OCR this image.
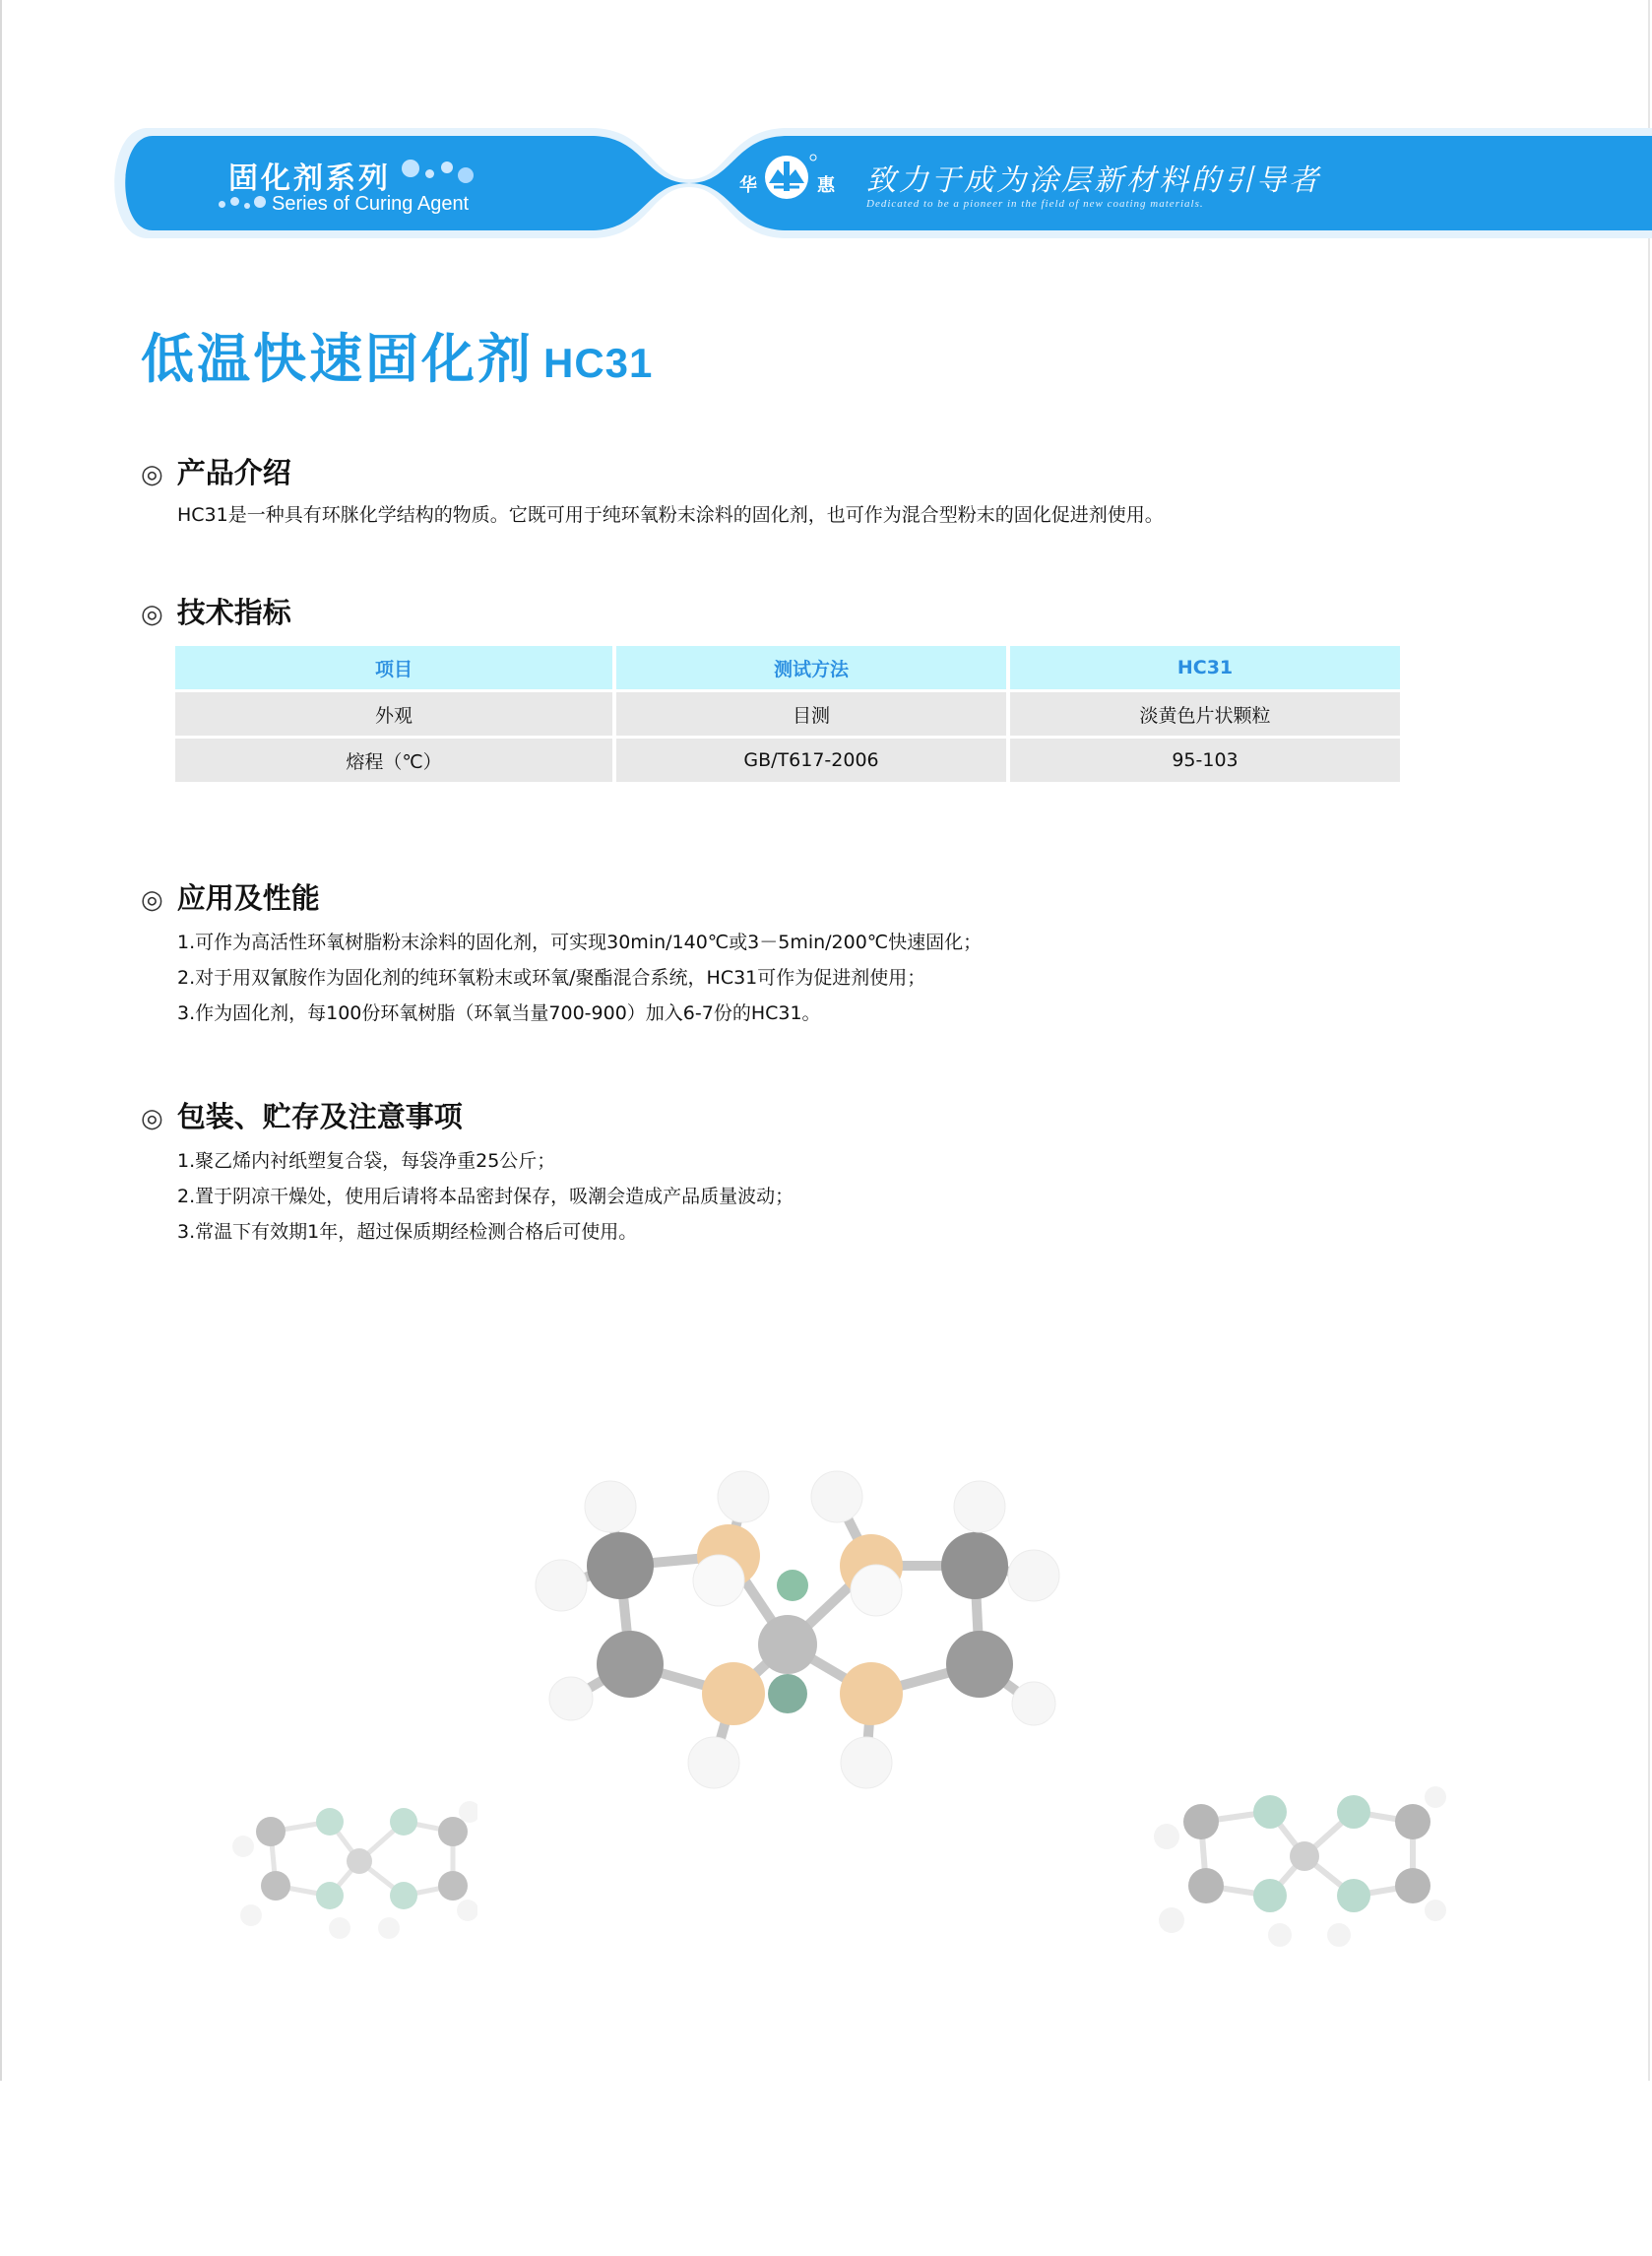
固化剂系列
Series of Curing Agent
华	惠 致力于成为涂层新材料的引导者
Dedicated to be a pioneer in the field of new coating materials.
低温快速固化剂 HC31
◎ 产品介绍
HC31是一种具有环脒化学结构的物质。它既可用于纯环氧粉末涂料的固化剂，也可作为混合型粉末的固化促进剂使用。
◎ 技术指标
项目	测试方法	HC31
外观	目测	淡黄色片状颗粒
熔程（℃）	GB/T617-2006	95-103
◎ 应用及性能
1.可作为高活性环氧树脂粉末涂料的固化剂，可实现30min/140℃或3－5min/200℃快速固化；
2.对于用双氰胺作为固化剂的纯环氧粉末或环氧/聚酯混合系统，HC31可作为促进剂使用；
3.作为固化剂，每100份环氧树脂（环氧当量700-900）加入6-7份的HC31。
◎ 包装、贮存及注意事项
1.聚乙烯内衬纸塑复合袋，每袋净重25公斤；
2.置于阴凉干燥处，使用后请将本品密封保存，吸潮会造成产品质量波动；
3.常温下有效期1年，超过保质期经检测合格后可使用。
